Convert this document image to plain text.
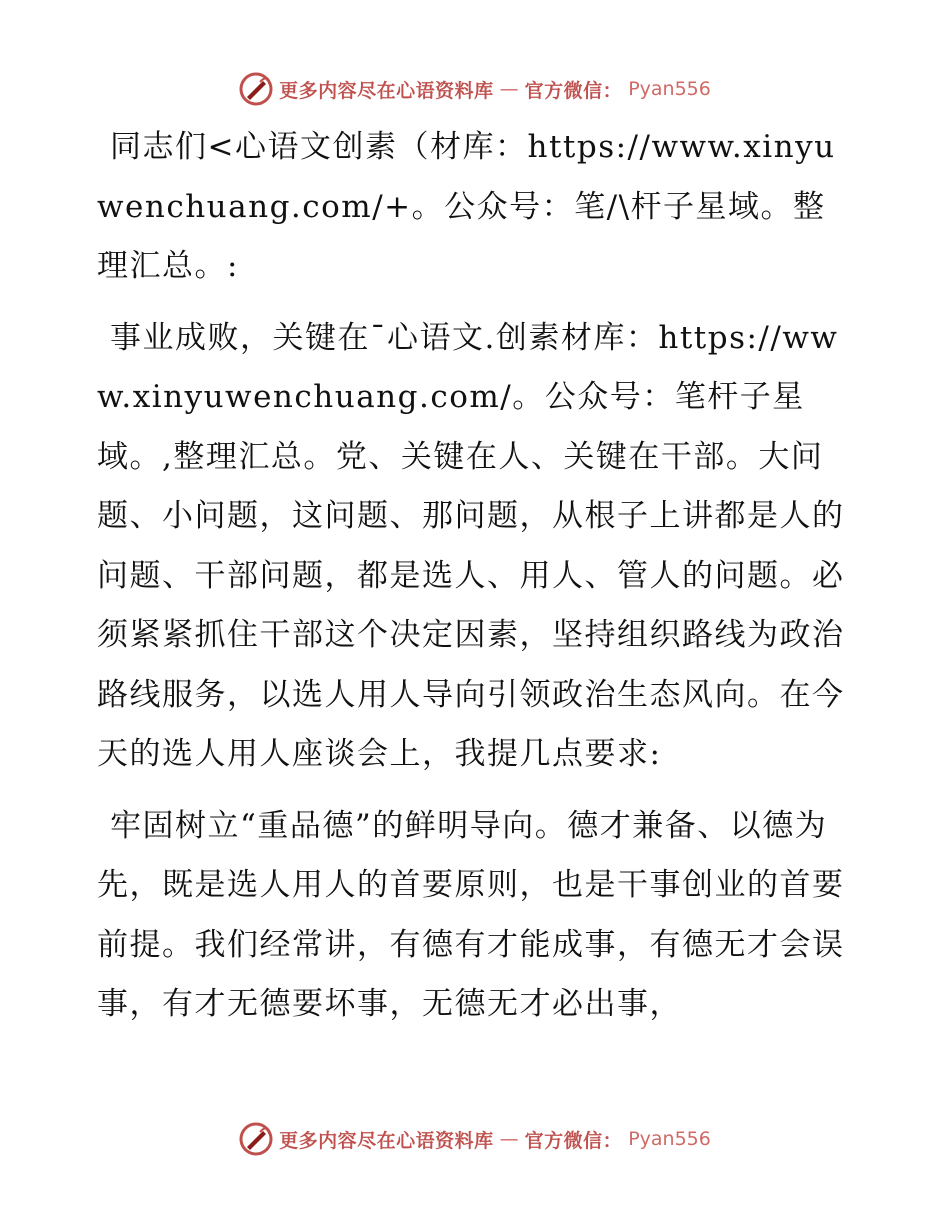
更多内容尽在心语资料库 — 官方微信： Pyan556

同志们<心语文创素（材库：https://www.xinyuwenchuang.com/+。公众号：笔/\杆子星域。整理汇总。:

事业成败，关键在¯心语文.创素材库：https://www.xinyuwenchuang.com/。公众号：笔杆子星域。,整理汇总。党、关键在人、关键在干部。大问题、小问题，这问题、那问题，从根子上讲都是人的问题、干部问题，都是选人、用人、管人的问题。必须紧紧抓住干部这个决定因素，坚持组织路线为政治路线服务，以选人用人导向引领政治生态风向。在今天的选人用人座谈会上，我提几点要求:

牢固树立“重品德”的鲜明导向。德才兼备、以德为先，既是选人用人的首要原则，也是干事创业的首要前提。我们经常讲，有德有才能成事，有德无才会误事，有才无德要坏事，无德无才必出事，

更多内容尽在心语资料库 — 官方微信： Pyan556
